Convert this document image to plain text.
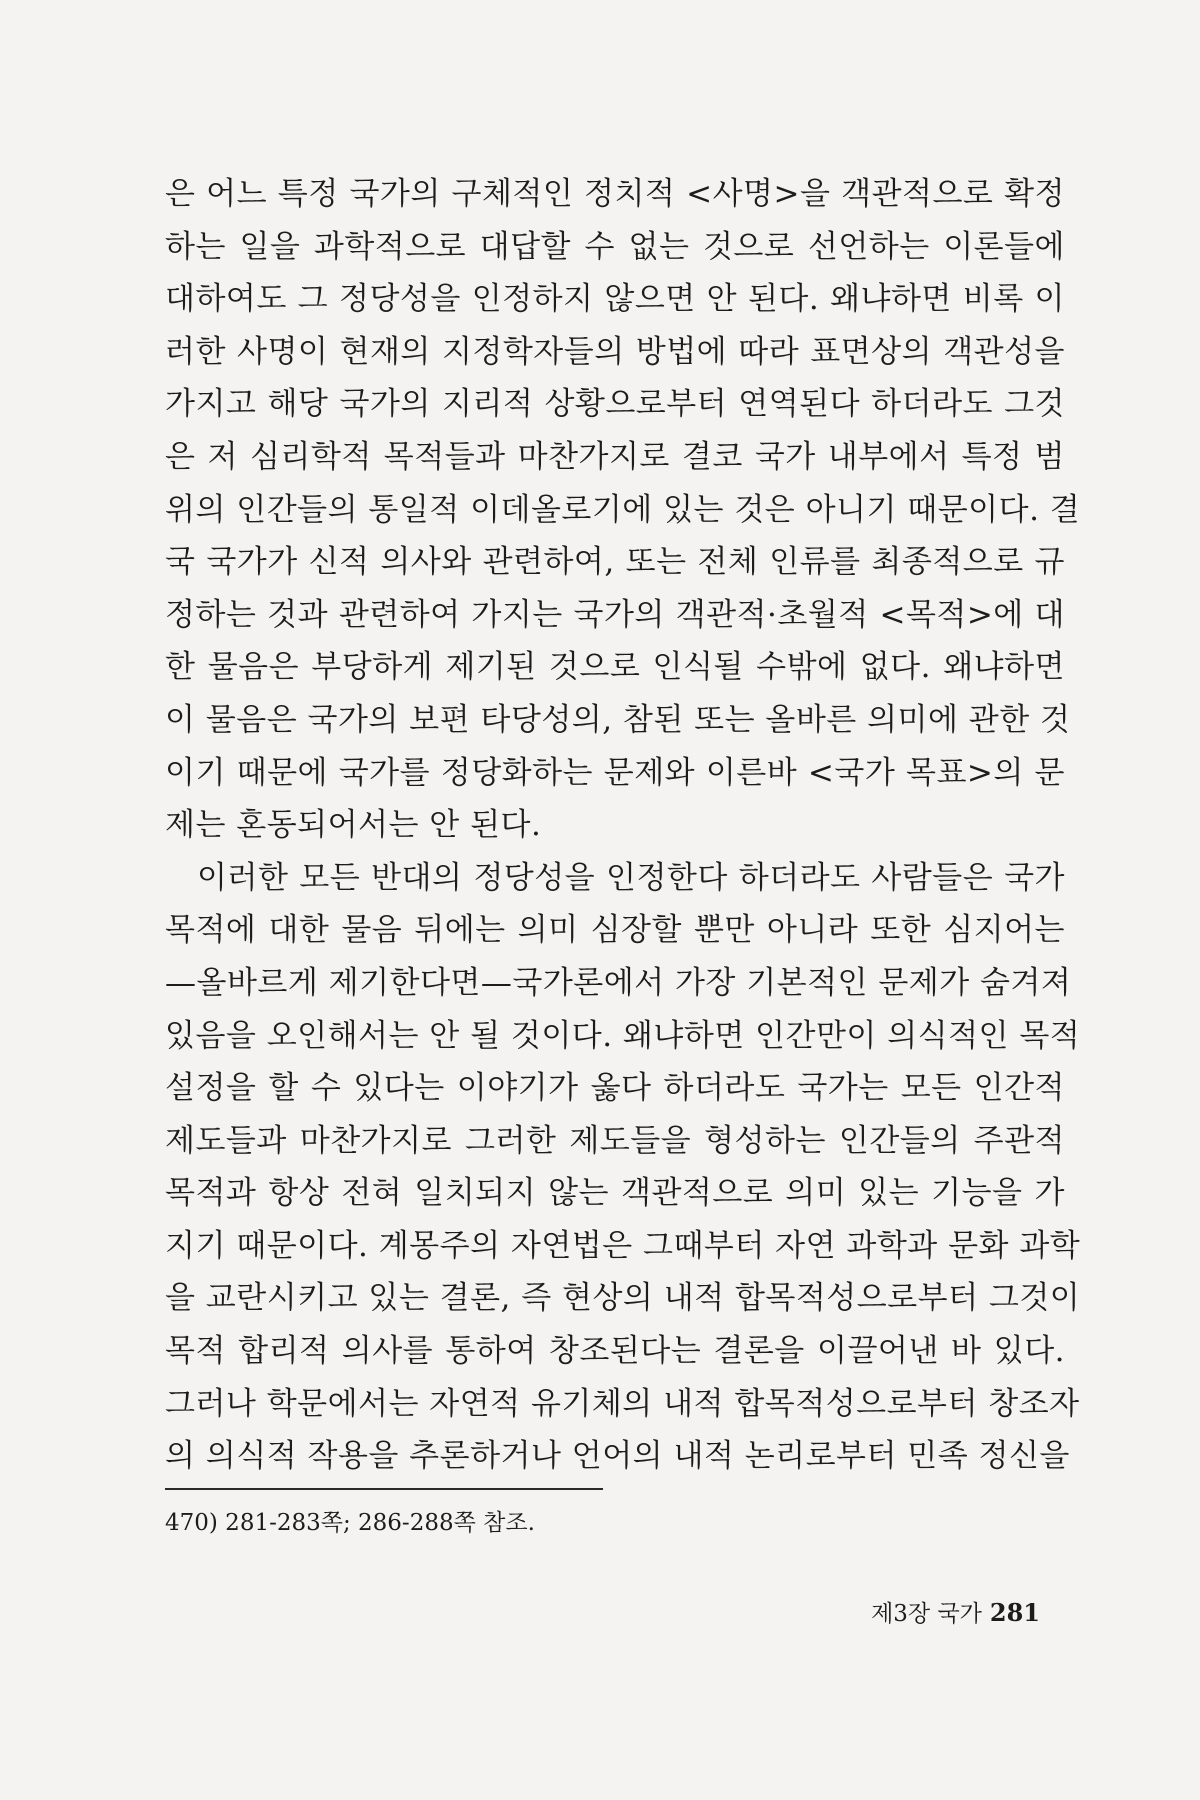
은 어느 특정 국가의 구체적인 정치적 <사명>을 객관적으로 확정
하는 일을 과학적으로 대답할 수 없는 것으로 선언하는 이론들에
대하여도 그 정당성을 인정하지 않으면 안 된다. 왜냐하면 비록 이
러한 사명이 현재의 지정학자들의 방법에 따라 표면상의 객관성을
가지고 해당 국가의 지리적 상황으로부터 연역된다 하더라도 그것
은 저 심리학적 목적들과 마찬가지로 결코 국가 내부에서 특정 범
위의 인간들의 통일적 이데올로기에 있는 것은 아니기 때문이다. 결
국 국가가 신적 의사와 관련하여, 또는 전체 인류를 최종적으로 규
정하는 것과 관련하여 가지는 국가의 객관적·초월적 <목적>에 대
한 물음은 부당하게 제기된 것으로 인식될 수밖에 없다. 왜냐하면
이 물음은 국가의 보편 타당성의, 참된 또는 올바른 의미에 관한 것
이기 때문에 국가를 정당화하는 문제와 이른바 <국가 목표>의 문
제는 혼동되어서는 안 된다.
　이러한 모든 반대의 정당성을 인정한다 하더라도 사람들은 국가
목적에 대한 물음 뒤에는 의미 심장할 뿐만 아니라 또한 심지어는
—올바르게 제기한다면—국가론에서 가장 기본적인 문제가 숨겨져
있음을 오인해서는 안 될 것이다. 왜냐하면 인간만이 의식적인 목적
설정을 할 수 있다는 이야기가 옳다 하더라도 국가는 모든 인간적
제도들과 마찬가지로 그러한 제도들을 형성하는 인간들의 주관적
목적과 항상 전혀 일치되지 않는 객관적으로 의미 있는 기능을 가
지기 때문이다. 계몽주의 자연법은 그때부터 자연 과학과 문화 과학
을 교란시키고 있는 결론, 즉 현상의 내적 합목적성으로부터 그것이
목적 합리적 의사를 통하여 창조된다는 결론을 이끌어낸 바 있다.
그러나 학문에서는 자연적 유기체의 내적 합목적성으로부터 창조자
의 의식적 작용을 추론하거나 언어의 내적 논리로부터 민족 정신을
470) 281-283쪽; 286-288쪽 참조.
제3장 국가 281
